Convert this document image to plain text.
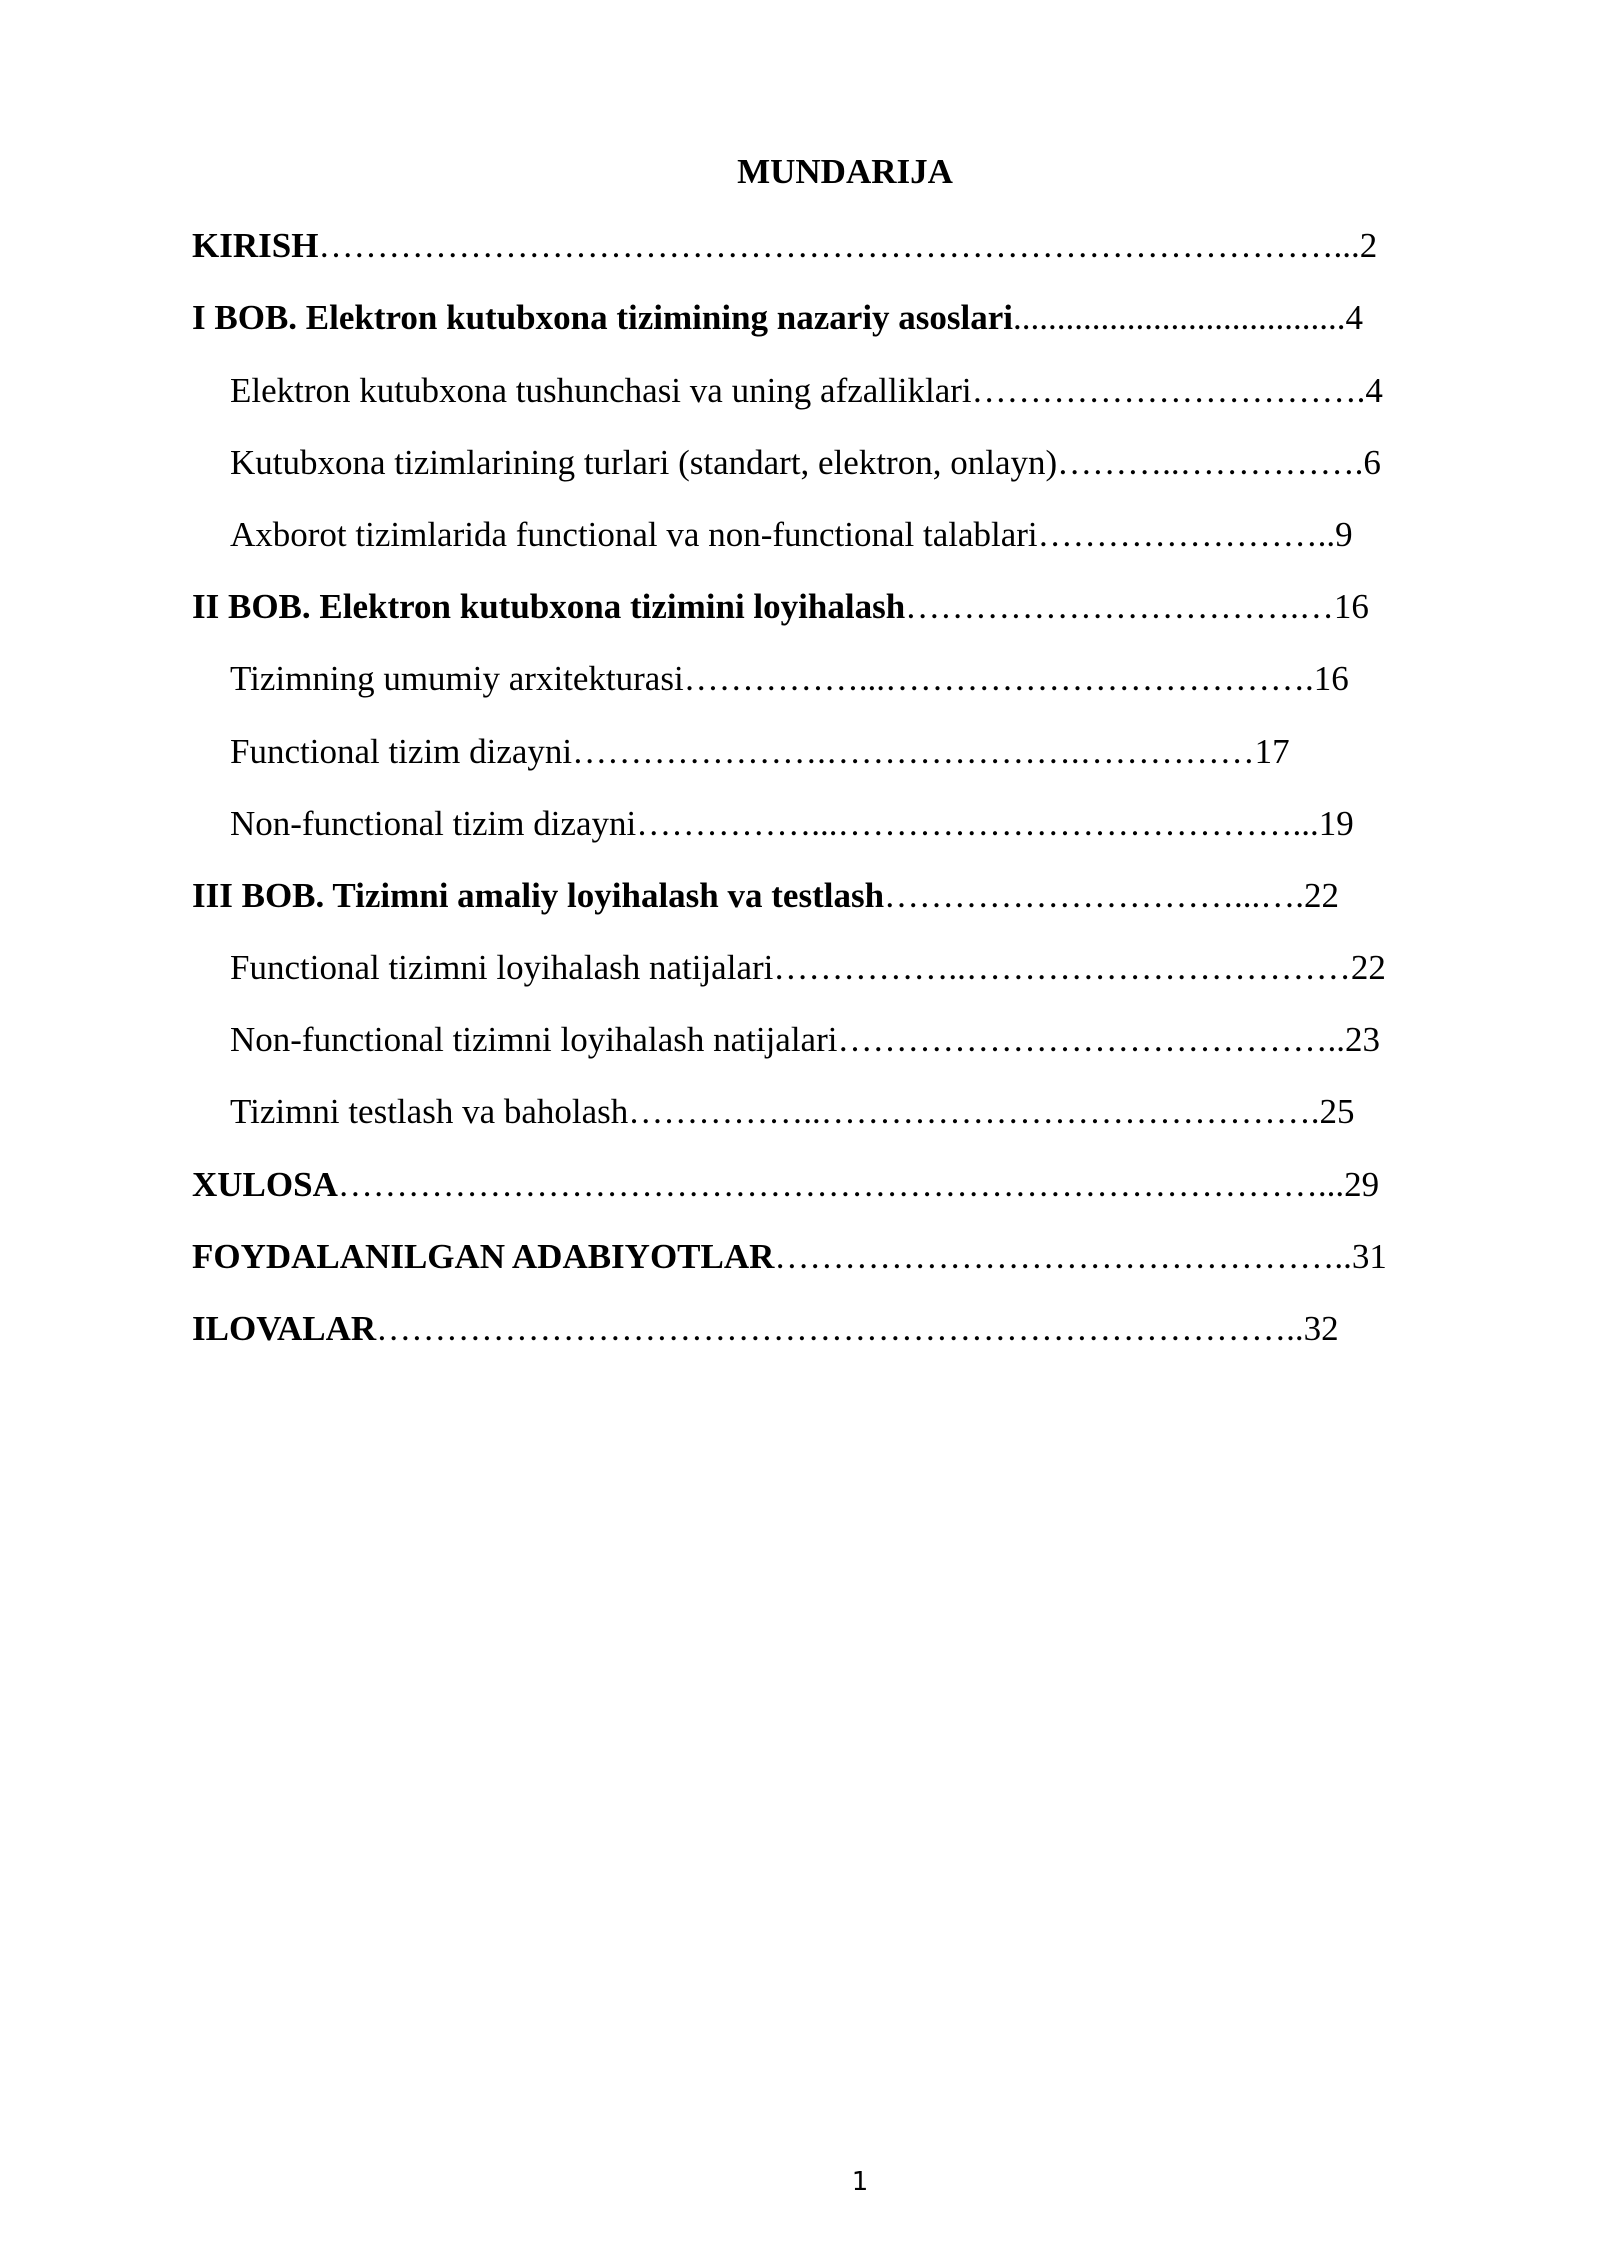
MUNDARIJA
KIRISH……………………………………………………………………………...2
I BOB. Elektron kutubxona tizimining nazariy asoslari......................................4
Elektron kutubxona tushunchasi va uning afzalliklari…………………………….4
Kutubxona tizimlarining turlari (standart, elektron, onlayn)………..…………….6
Axborot tizimlarida functional va non-functional talablari……………………..9
II BOB. Elektron kutubxona tizimini loyihalash…………………………….…16
Tizimning umumiy arxitekturasi……………...……………………………….16
Functional tizim dizayni………………….………………….……………17
Non-functional tizim dizayni……………...…………………………………...19
III BOB. Tizimni amaliy loyihalash va testlash…………………………...….22
Functional tizimni loyihalash natijalari……………..……………………………22
Non-functional tizimni loyihalash natijalari……………………………………..23
Tizimni testlash va baholash……………..…………………………………….25
XULOSA…………………………………………………………………………...29
FOYDALANILGAN ADABIYOTLAR…………………………………………..31
ILOVALAR……………………………………………………………………..32
1
